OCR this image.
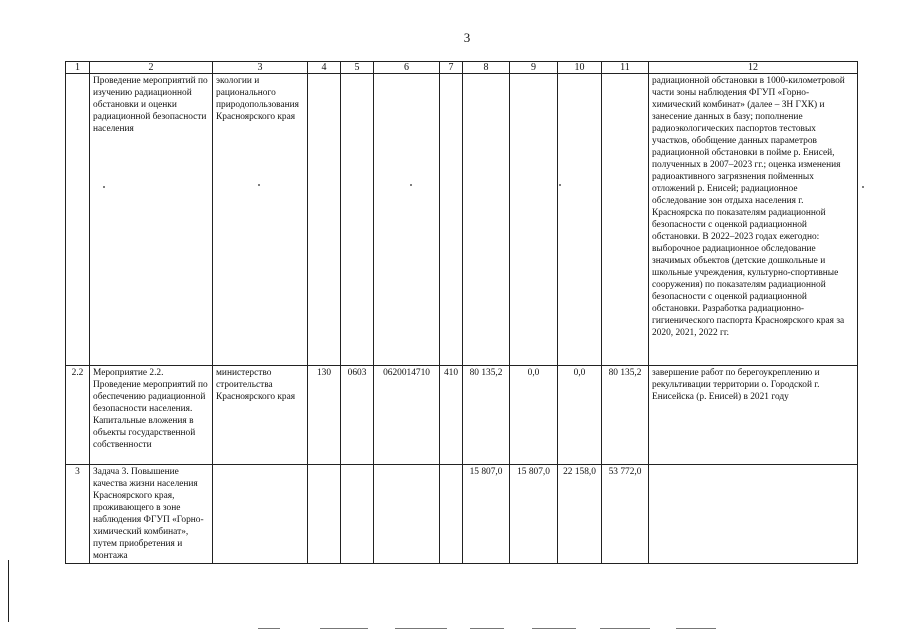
3
1	2	3	4	5	6	7	8	9	10	11	12
	Проведение мероприятий по изучению радиационной обстановки и оценки радиационной безопасности населения	экологии и рационального природопользования Красноярского края									радиационной обстановки в 1000-километровой части зоны наблюдения ФГУП «Горно-химический комбинат» (далее – ЗН ГХК) и занесение данных в базу; пополнение радиоэкологических паспортов тестовых участков, обобщение данных параметров радиационной обстановки в пойме р. Енисей, полученных в 2007–2023 гг.; оценка изменения радиоактивного загрязнения пойменных отложений р. Енисей; радиационное обследование зон отдыха населения г. Красноярска по показателям радиационной безопасности с оценкой радиационной обстановки. В 2022–2023 годах ежегодно: выборочное радиационное обследование значимых объектов (детские дошкольные и школьные учреждения, культурно-спортивные сооружения) по показателям радиационной безопасности с оценкой радиационной обстановки. Разработка радиационно-гигиенического паспорта Красноярского края за 2020, 2021, 2022 гг.
2.2	Мероприятие 2.2. Проведение мероприятий по обеспечению радиационной безопасности населения. Капитальные вложения в объекты государственной собственности	министерство строительства Красноярского края	130	0603	0620014710	410	80 135,2	0,0	0,0	80 135,2	завершение работ по берегоукреплению и рекультивации территории о. Городской г. Енисейска (р. Енисей) в 2021 году
3	Задача 3. Повышение качества жизни населения Красноярского края, проживающего в зоне наблюдения ФГУП «Горно-химический комбинат», путем приобретения и монтажа						15 807,0	15 807,0	22 158,0	53 772,0	
